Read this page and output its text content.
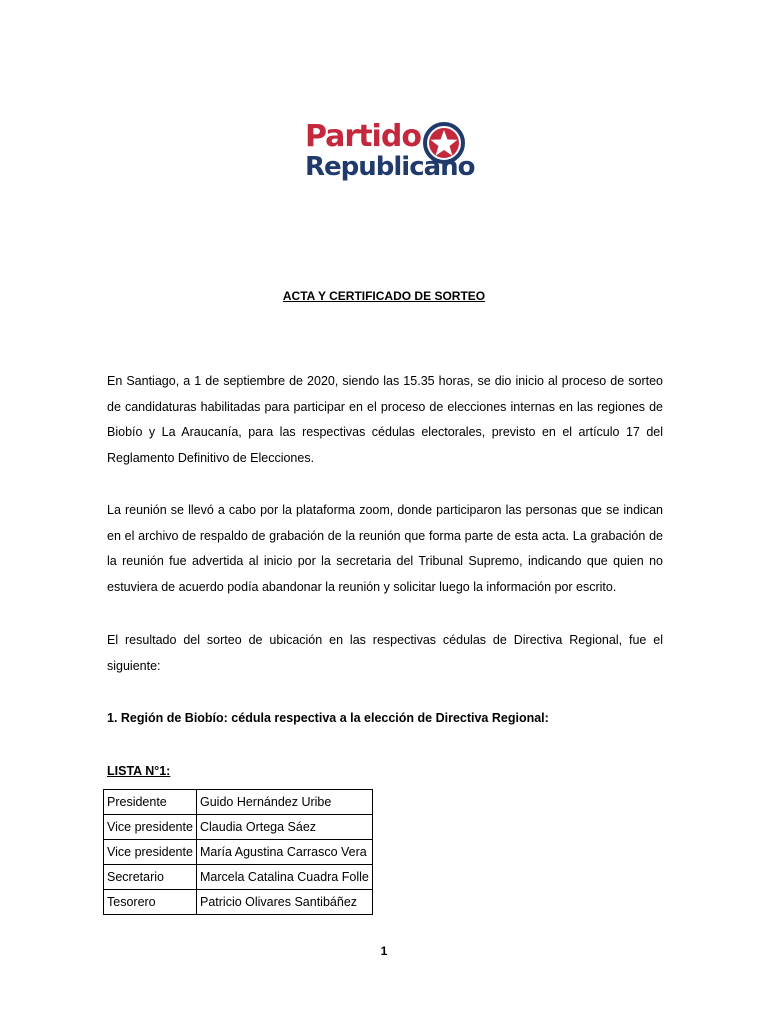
Partido
Republicano
ACTA Y CERTIFICADO DE SORTEO
En Santiago, a 1 de septiembre de 2020, siendo las 15.35 horas, se dio inicio al proceso de sorteo
de candidaturas habilitadas para participar en el proceso de elecciones internas en las regiones de
Biobío y La Araucanía, para las respectivas cédulas electorales, previsto en el artículo 17 del
Reglamento Definitivo de Elecciones.
La reunión se llevó a cabo por la plataforma zoom, donde participaron las personas que se indican
en el archivo de respaldo de grabación de la reunión que forma parte de esta acta. La grabación de
la reunión fue advertida al inicio por la secretaria del Tribunal Supremo, indicando que quien no
estuviera de acuerdo podía abandonar la reunión y solicitar luego la información por escrito.
El resultado del sorteo de ubicación en las respectivas cédulas de Directiva Regional, fue el
siguiente:
1. Región de Biobío: cédula respectiva a la elección de Directiva Regional:
LISTA N°1:
Presidente	Guido Hernández Uribe
Vice presidente	Claudia Ortega Sáez
Vice presidente	María Agustina Carrasco Vera
Secretario	Marcela Catalina Cuadra Folle
Tesorero	Patricio Olivares Santibáñez
1
